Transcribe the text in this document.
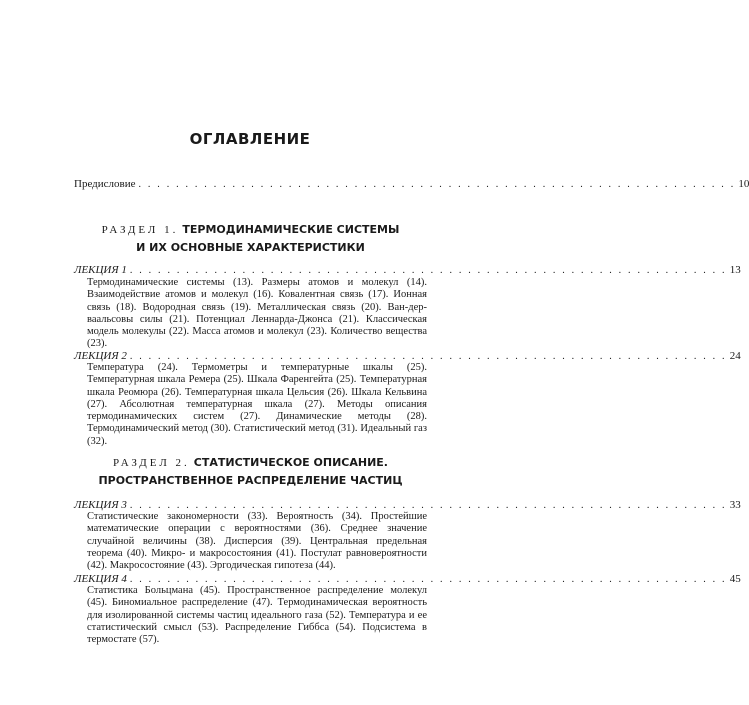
ОГЛАВЛЕНИЕ
Предисловие . . . . . . . . . . . . . . . . . . . . . . . . . . . . . . . . . . . . . . . . . . . . . . . . . . . . . . . . . . . . . . . . 10
РАЗДЕЛ 1. ТЕРМОДИНАМИЧЕСКИЕ СИСТЕМЫ
И ИХ ОСНОВНЫЕ ХАРАКТЕРИСТИКИ
ЛЕКЦИЯ 1 . . . . . . . . . . . . . . . . . . . . . . . . . . . . . . . . . . . . . . . . . . . . . . . . . . . . . . . . . . . . . . . . 13
Термодинамические системы (13). Размеры атомов и молекул (14). Взаимодействие атомов и молекул (16). Ковалентная связь (17). Ионная связь (18). Водородная связь (19). Металлическая связь (20). Ван-дер-ваальсовы силы (21). Потенциал Леннарда-Джонса (21). Классическая модель молекулы (22). Масса атомов и молекул (23). Количество вещества (23).
ЛЕКЦИЯ 2 . . . . . . . . . . . . . . . . . . . . . . . . . . . . . . . . . . . . . . . . . . . . . . . . . . . . . . . . . . . . . . . . 24
Температура (24). Термометры и температурные шкалы (25). Температурная шкала Ремера (25). Шкала Фаренгейта (25). Температурная шкала Реомюра (26). Температурная шкала Цельсия (26). Шкала Кельвина (27). Абсолютная температурная шкала (27). Методы описания термодинамических систем (27). Динамические методы (28). Термодинамический метод (30). Статистический метод (31). Идеальный газ (32).
РАЗДЕЛ 2. СТАТИСТИЧЕСКОЕ ОПИСАНИЕ.
ПРОСТРАНСТВЕННОЕ РАСПРЕДЕЛЕНИЕ ЧАСТИЦ
ЛЕКЦИЯ 3 . . . . . . . . . . . . . . . . . . . . . . . . . . . . . . . . . . . . . . . . . . . . . . . . . . . . . . . . . . . . . . . . 33
Статистические закономерности (33). Вероятность (34). Простейшие математические операции с вероятностями (36). Среднее значение случайной величины (38). Дисперсия (39). Центральная предельная теорема (40). Микро- и макросостояния (41). Постулат равновероятности (42). Макросостояние (43). Эргодическая гипотеза (44).
ЛЕКЦИЯ 4 . . . . . . . . . . . . . . . . . . . . . . . . . . . . . . . . . . . . . . . . . . . . . . . . . . . . . . . . . . . . . . . . 45
Статистика Больцмана (45). Пространственное распределение молекул (45). Биномиальное распределение (47). Термодинамическая вероятность для изолированной системы частиц идеального газа (52). Температура и ее статистический смысл (53). Распределение Гиббса (54). Подсистема в термостате (57).
